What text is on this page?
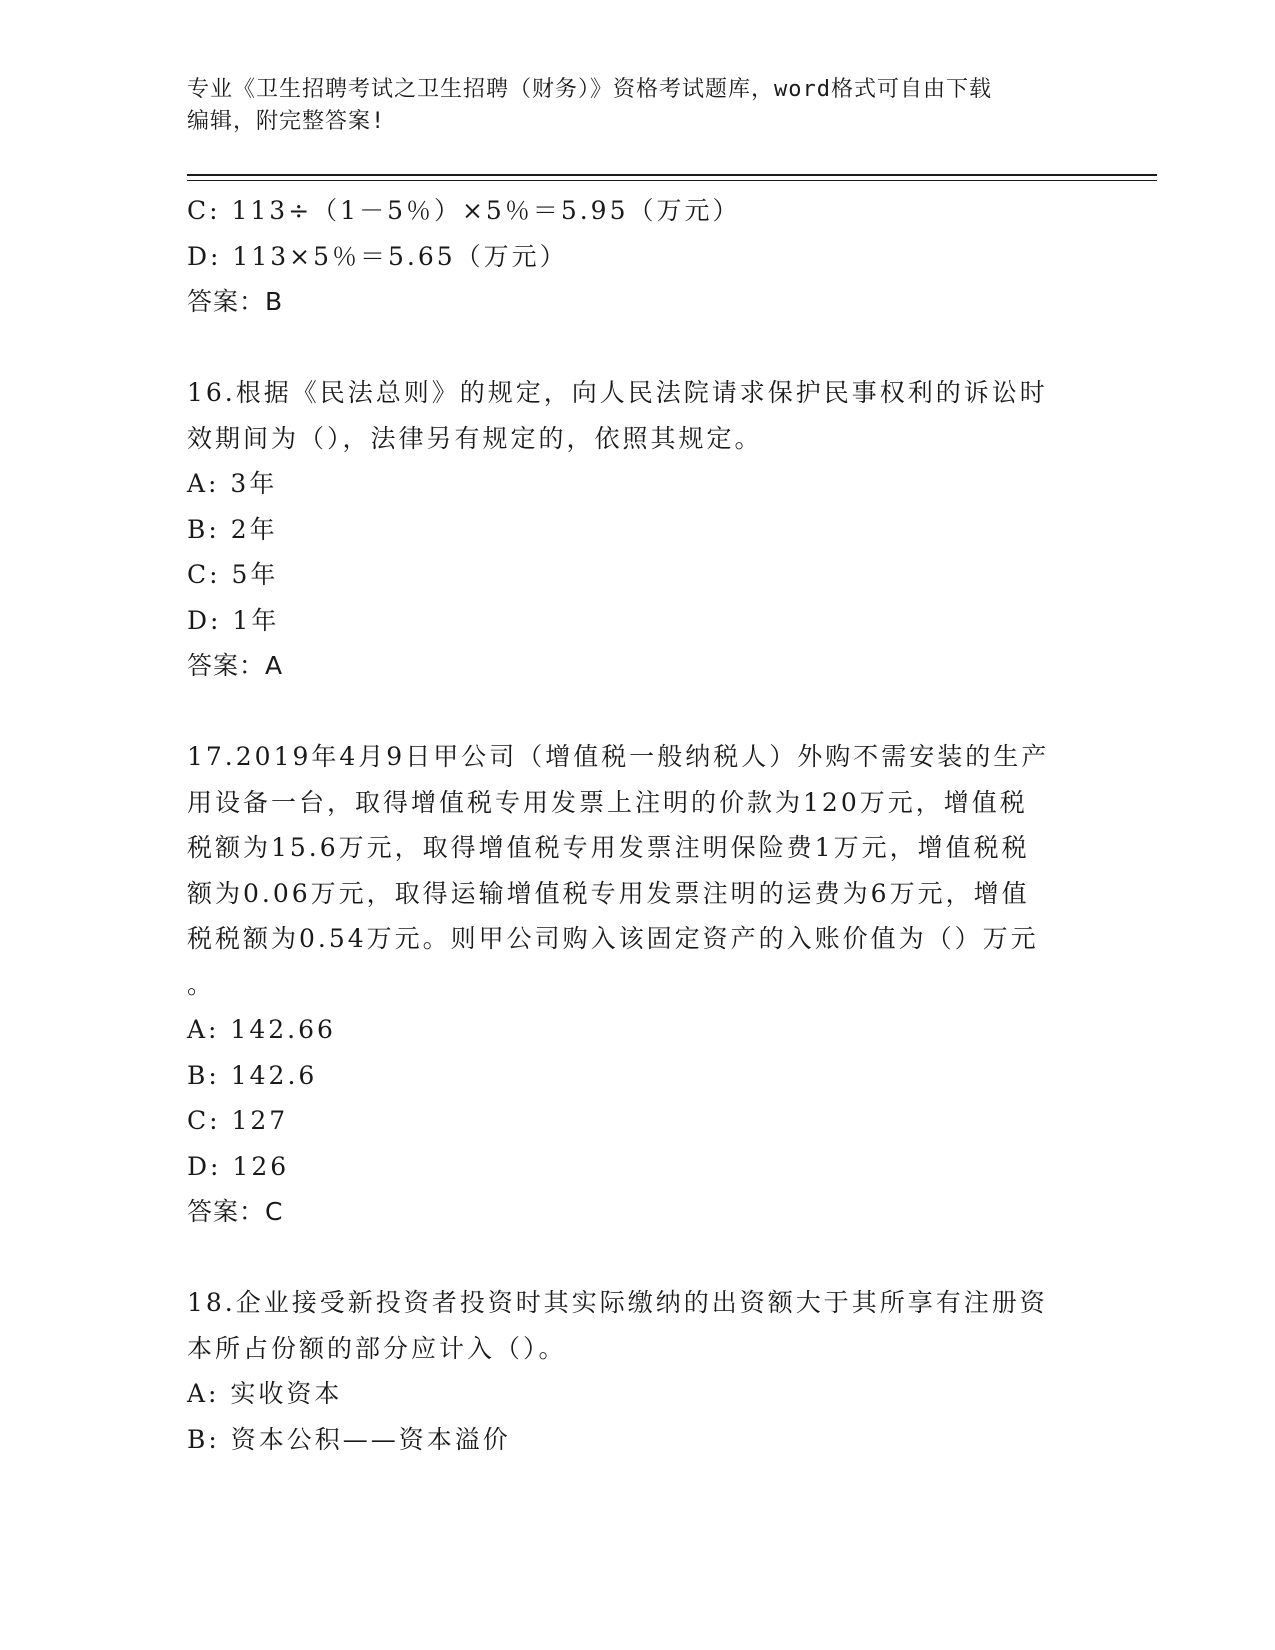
专业《卫生招聘考试之卫生招聘（财务）》资格考试题库，word格式可自由下载
编辑，附完整答案!
C: 113÷（1－5％）×5％＝5.95（万元）
D: 113×5％＝5.65（万元）
答案：B
16.根据《民法总则》的规定，向人民法院请求保护民事权利的诉讼时
效期间为（），法律另有规定的，依照其规定。
A: 3年
B: 2年
C: 5年
D: 1年
答案：A
17.2019年4月9日甲公司（增值税一般纳税人）外购不需安装的生产
用设备一台，取得增值税专用发票上注明的价款为120万元，增值税
税额为15.6万元，取得增值税专用发票注明保险费1万元，增值税税
额为0.06万元，取得运输增值税专用发票注明的运费为6万元，增值
税税额为0.54万元。则甲公司购入该固定资产的入账价值为（）万元
。
A: 142.66
B: 142.6
C: 127
D: 126
答案：C
18.企业接受新投资者投资时其实际缴纳的出资额大于其所享有注册资
本所占份额的部分应计入（）。
A: 实收资本
B: 资本公积——资本溢价
